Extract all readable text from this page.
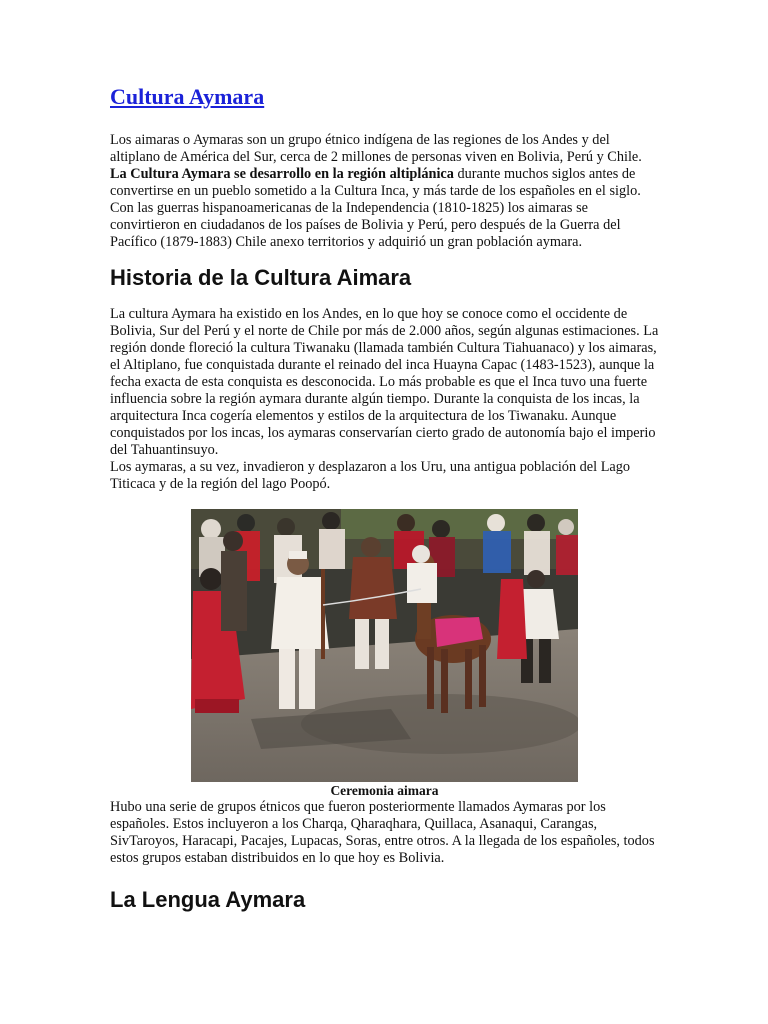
Cultura Aymara

Los aimaras o Aymaras son un grupo étnico indígena de las regiones de los Andes y del altiplano de América del Sur, cerca de 2 millones de personas viven en Bolivia, Perú y Chile. La Cultura Aymara se desarrollo en la región altiplánica durante muchos siglos antes de convertirse en un pueblo sometido a la Cultura Inca, y más tarde de los españoles en el siglo. Con las guerras hispanoamericanas de la Independencia (1810-1825) los aimaras se convirtieron en ciudadanos de los países de Bolivia y Perú, pero después de la Guerra del Pacífico (1879-1883) Chile anexo territorios y adquirió un gran población aymara.

Historia de la Cultura Aimara

La cultura Aymara ha existido en los Andes, en lo que hoy se conoce como el occidente de Bolivia, Sur del Perú y el norte de Chile por más de 2.000 años, según algunas estimaciones. La región donde floreció la cultura Tiwanaku (llamada también Cultura Tiahuanaco) y los aimaras, el Altiplano, fue conquistada durante el reinado del inca Huayna Capac (1483-1523), aunque la fecha exacta de esta conquista es desconocida. Lo más probable es que el Inca tuvo una fuerte influencia sobre la región aymara durante algún tiempo. Durante la conquista de los incas, la arquitectura Inca cogería elementos y estilos de la arquitectura de los Tiwanaku. Aunque conquistados por los incas, los aymaras conservarían cierto grado de autonomía bajo el imperio del Tahuantinsuyo.

Los aymaras, a su vez, invadieron y desplazaron a los Uru, una antigua población del Lago Titicaca y de la región del lago Poopó.

Ceremonia aimara

Hubo una serie de grupos étnicos que fueron posteriormente llamados Aymaras por los españoles. Estos incluyeron a los Charqa, Qharaqhara, Quillaca, Asanaqui, Carangas, SivTaroyos, Haracapi, Pacajes, Lupacas, Soras, entre otros. A la llegada de los españoles, todos estos grupos estaban distribuidos en lo que hoy es Bolivia.

La Lengua Aymara
